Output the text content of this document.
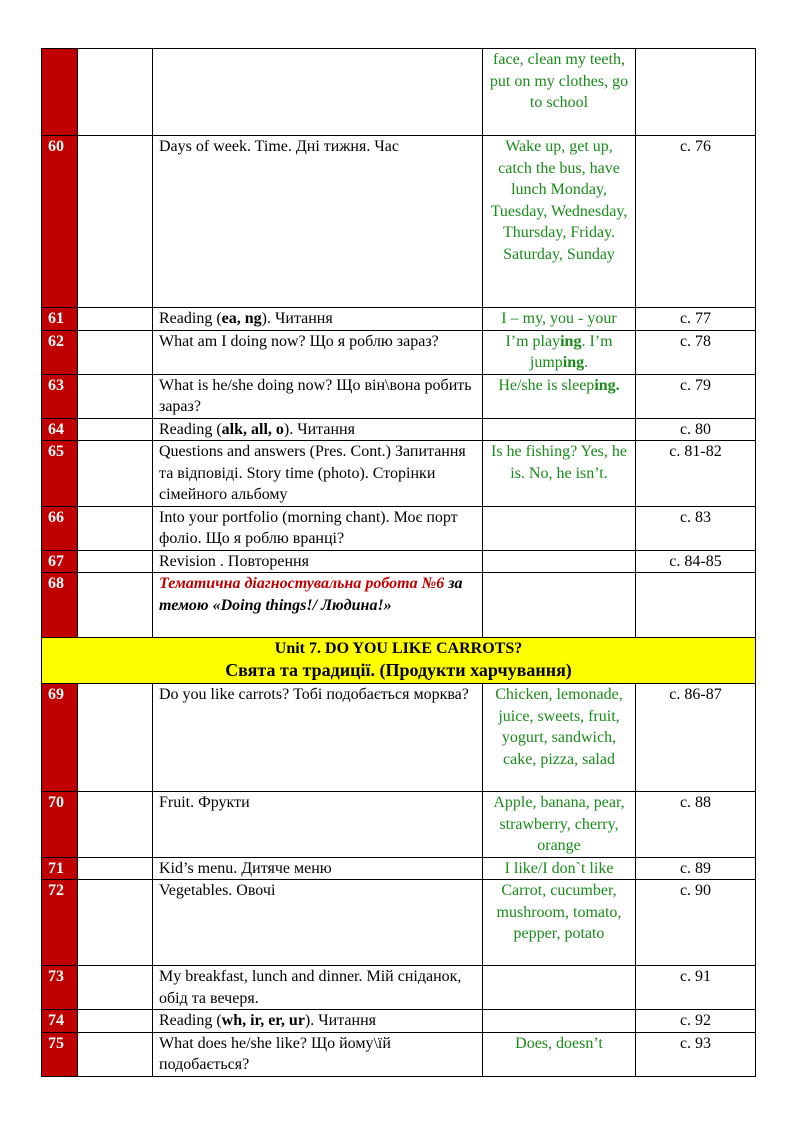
			face, clean my teeth, put on my clothes, go to school	
60		Days of week. Time. Дні тижня. Час	Wake up, get up, catch the bus, have lunch Monday, Tuesday, Wednesday, Thursday, Friday. Saturday, Sunday	с. 76
61		Reading (ea, ng). Читання	I – my, you - your	с. 77
62		What am I doing now? Що я роблю зараз?	I’m playing. I’m jumping.	с. 78
63		What is he/she doing now? Що він\вона робить зараз?	He/she is sleeping.	с. 79
64		Reading (alk, all, o). Читання		с. 80
65		Questions and answers (Pres. Cont.) Запитання та відповіді. Story time (photo). Сторінки сімейного альбому	Is he fishing? Yes, he is. No, he isn’t.	с. 81-82
66		Into your portfolio (morning chant). Моє порт фоліо. Що я роблю вранці?		с. 83
67		Revision . Повторення		с. 84-85
68		Тематична діагностувальна робота №6 за темою «Doing things!/ Людина!»		

Unit 7. DO YOU LIKE CARROTS?
Свята та традиції. (Продукти харчування)				

69		Do you like carrots? Тобі подобається морква?	Chicken, lemonade, juice, sweets, fruit, yogurt, sandwich, cake, pizza, salad	с. 86-87
70		Fruit. Фрукти	Apple, banana, pear, strawberry, cherry, orange	с. 88
71		Kid’s menu. Дитяче меню	I like/I don`t like	с. 89
72		Vegetables. Овочі	Carrot, cucumber, mushroom, tomato, pepper, potato	с. 90
73		My breakfast, lunch and dinner. Мій сніданок, обід та вечеря.		с. 91
74		Reading (wh, ir, er, ur). Читання		с. 92
75		What does he/she like? Що йому\їй подобається?	Does, doesn’t	с. 93
